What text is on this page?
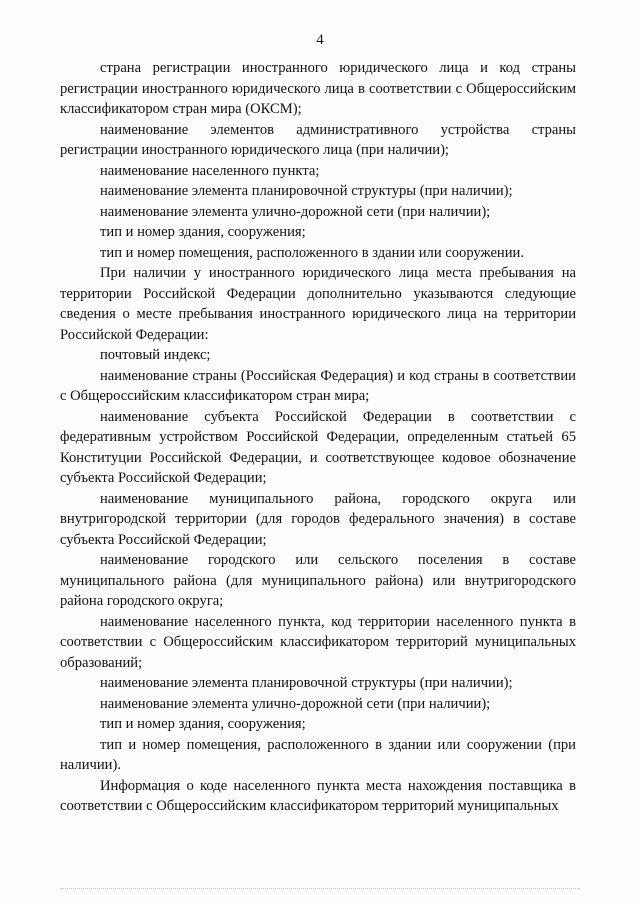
4

страна регистрации иностранного юридического лица и код страны регистрации иностранного юридического лица в соответствии с Общероссийским классификатором стран мира (ОКСМ);

наименование элементов административного устройства страны регистрации иностранного юридического лица (при наличии);

наименование населенного пункта;

наименование элемента планировочной структуры (при наличии);

наименование элемента улично-дорожной сети (при наличии);

тип и номер здания, сооружения;

тип и номер помещения, расположенного в здании или сооружении.

При наличии у иностранного юридического лица места пребывания на территории Российской Федерации дополнительно указываются следующие сведения о месте пребывания иностранного юридического лица на территории Российской Федерации:

почтовый индекс;

наименование страны (Российская Федерация) и код страны в соответствии с Общероссийским классификатором стран мира;

наименование субъекта Российской Федерации в соответствии с федеративным устройством Российской Федерации, определенным статьей 65 Конституции Российской Федерации, и соответствующее кодовое обозначение субъекта Российской Федерации;

наименование муниципального района, городского округа или внутригородской территории (для городов федерального значения) в составе субъекта Российской Федерации;

наименование городского или сельского поселения в составе муниципального района (для муниципального района) или внутригородского района городского округа;

наименование населенного пункта, код территории населенного пункта в соответствии с Общероссийским классификатором территорий муниципальных образований;

наименование элемента планировочной структуры (при наличии);

наименование элемента улично-дорожной сети (при наличии);

тип и номер здания, сооружения;

тип и номер помещения, расположенного в здании или сооружении (при наличии).

Информация о коде населенного пункта места нахождения поставщика в соответствии с Общероссийским классификатором территорий муниципальных
